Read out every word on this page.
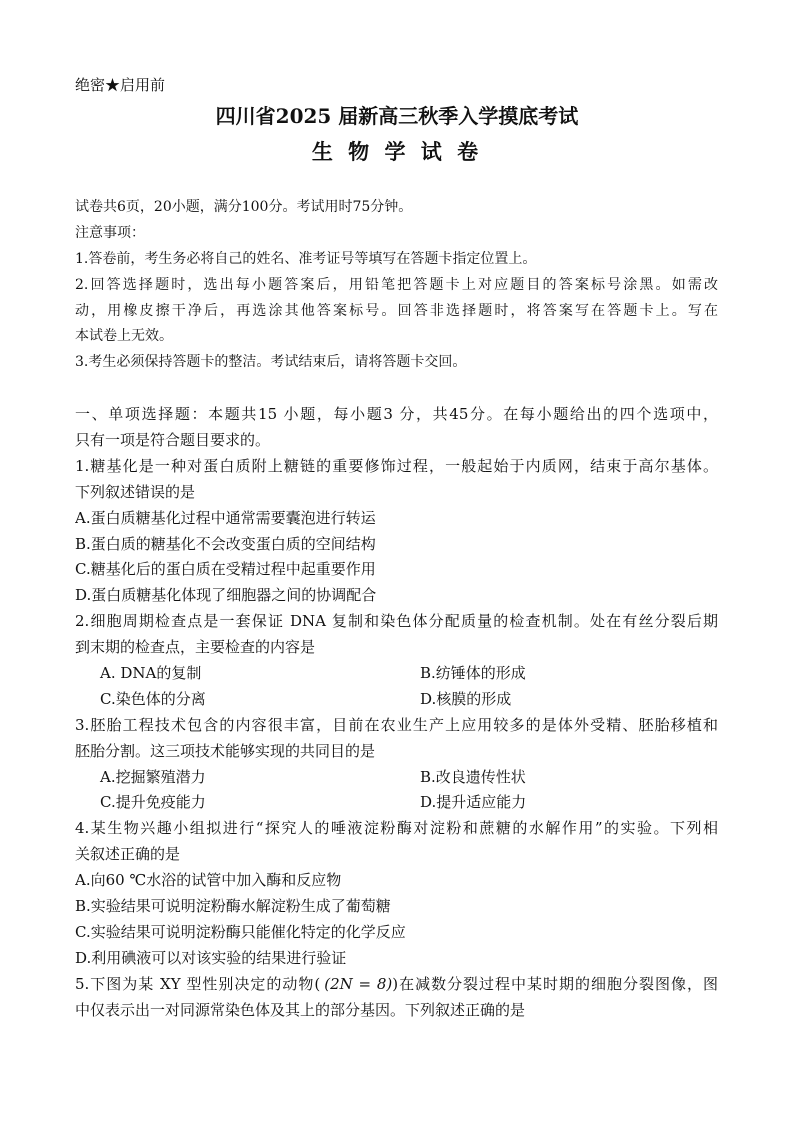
绝密★启用前
四川省2025 届新高三秋季入学摸底考试
生 物 学 试 卷
试卷共6页，20小题，满分100分。考试用时75分钟。
注意事项：
1.答卷前，考生务必将自己的姓名、准考证号等填写在答题卡指定位置上。
2.回答选择题时，选出每小题答案后，用铅笔把答题卡上对应题目的答案标号涂黑。如需改
动，用橡皮擦干净后，再选涂其他答案标号。回答非选择题时，将答案写在答题卡上。写在
本试卷上无效。
3.考生必须保持答题卡的整洁。考试结束后，请将答题卡交回。
一、单项选择题：本题共15 小题，每小题3 分，共45分。在每小题给出的四个选项中，
只有一项是符合题目要求的。
1.糖基化是一种对蛋白质附上糖链的重要修饰过程，一般起始于内质网，结束于高尔基体。
下列叙述错误的是
A.蛋白质糖基化过程中通常需要囊泡进行转运
B.蛋白质的糖基化不会改变蛋白质的空间结构
C.糖基化后的蛋白质在受精过程中起重要作用
D.蛋白质糖基化体现了细胞器之间的协调配合
2.细胞周期检查点是一套保证 DNA 复制和染色体分配质量的检查机制。处在有丝分裂后期
到末期的检查点，主要检查的内容是
A. DNA的复制	B.纺锤体的形成
C.染色体的分离	D.核膜的形成
3.胚胎工程技术包含的内容很丰富，目前在农业生产上应用较多的是体外受精、胚胎移植和
胚胎分割。这三项技术能够实现的共同目的是
A.挖掘繁殖潜力	B.改良遗传性状
C.提升免疫能力	D.提升适应能力
4.某生物兴趣小组拟进行“探究人的唾液淀粉酶对淀粉和蔗糖的水解作用”的实验。下列相
关叙述正确的是
A.向60 ℃水浴的试管中加入酶和反应物
B.实验结果可说明淀粉酶水解淀粉生成了葡萄糖
C.实验结果可说明淀粉酶只能催化特定的化学反应
D.利用碘液可以对该实验的结果进行验证
5.下图为某 XY 型性别决定的动物( (2N = 8))在减数分裂过程中某时期的细胞分裂图像，图
中仅表示出一对同源常染色体及其上的部分基因。下列叙述正确的是
